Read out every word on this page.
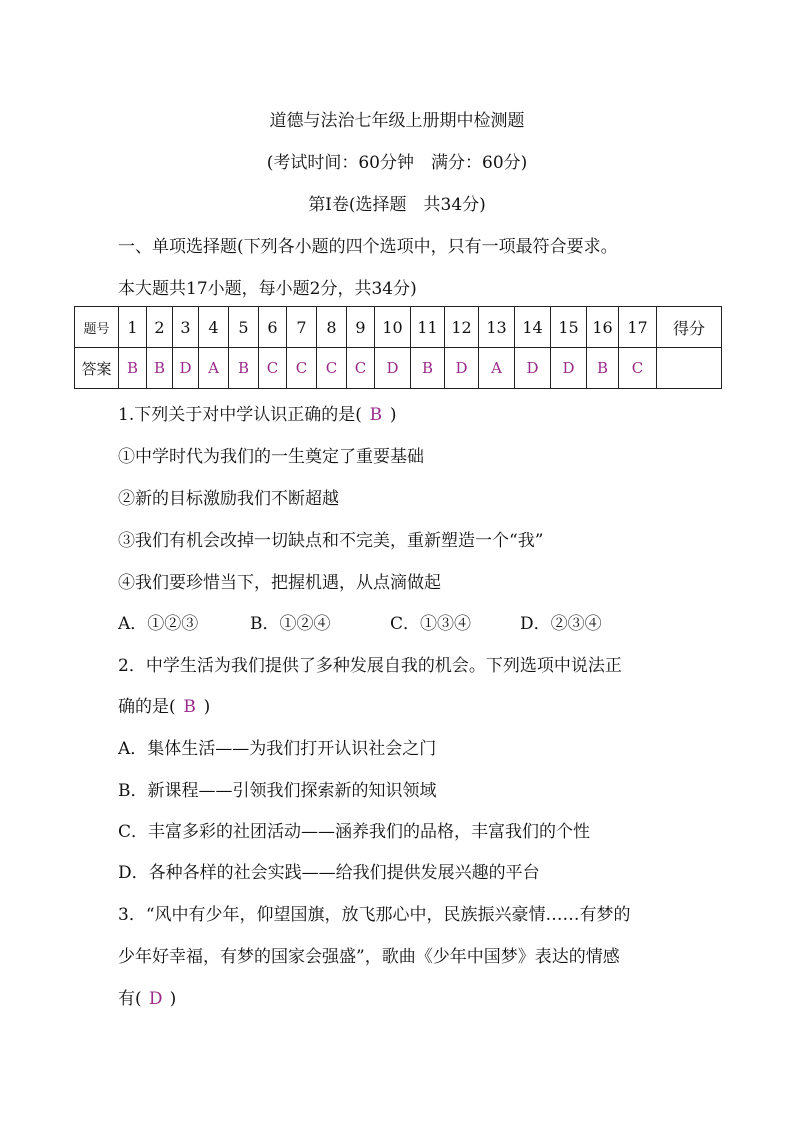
道德与法治七年级上册期中检测题
(考试时间：60分钟　满分：60分)
第Ⅰ卷(选择题　共34分)
一、单项选择题(下列各小题的四个选项中，只有一项最符合要求。
本大题共17小题，每小题2分，共34分)
题号	1	2	3	4	5	6	7	8	9	10	11	12	13	14	15	16	17	得分
答案	B	B	D	A	B	C	C	C	C	D	B	D	A	D	D	B	C	
1.下列关于对中学认识正确的是( B )
①中学时代为我们的一生奠定了重要基础
②新的目标激励我们不断超越
③我们有机会改掉一切缺点和不完美，重新塑造一个“我”
④我们要珍惜当下，把握机遇，从点滴做起
A．①②③	B．①②④	C．①③④	D．②③④
2．中学生活为我们提供了多种发展自我的机会。下列选项中说法正
确的是( B )
A．集体生活——为我们打开认识社会之门
B．新课程——引领我们探索新的知识领域
C．丰富多彩的社团活动——涵养我们的品格，丰富我们的个性
D．各种各样的社会实践——给我们提供发展兴趣的平台
3．“风中有少年，仰望国旗，放飞那心中，民族振兴豪情……有梦的
少年好幸福，有梦的国家会强盛”，歌曲《少年中国梦》表达的情感
有( D )
